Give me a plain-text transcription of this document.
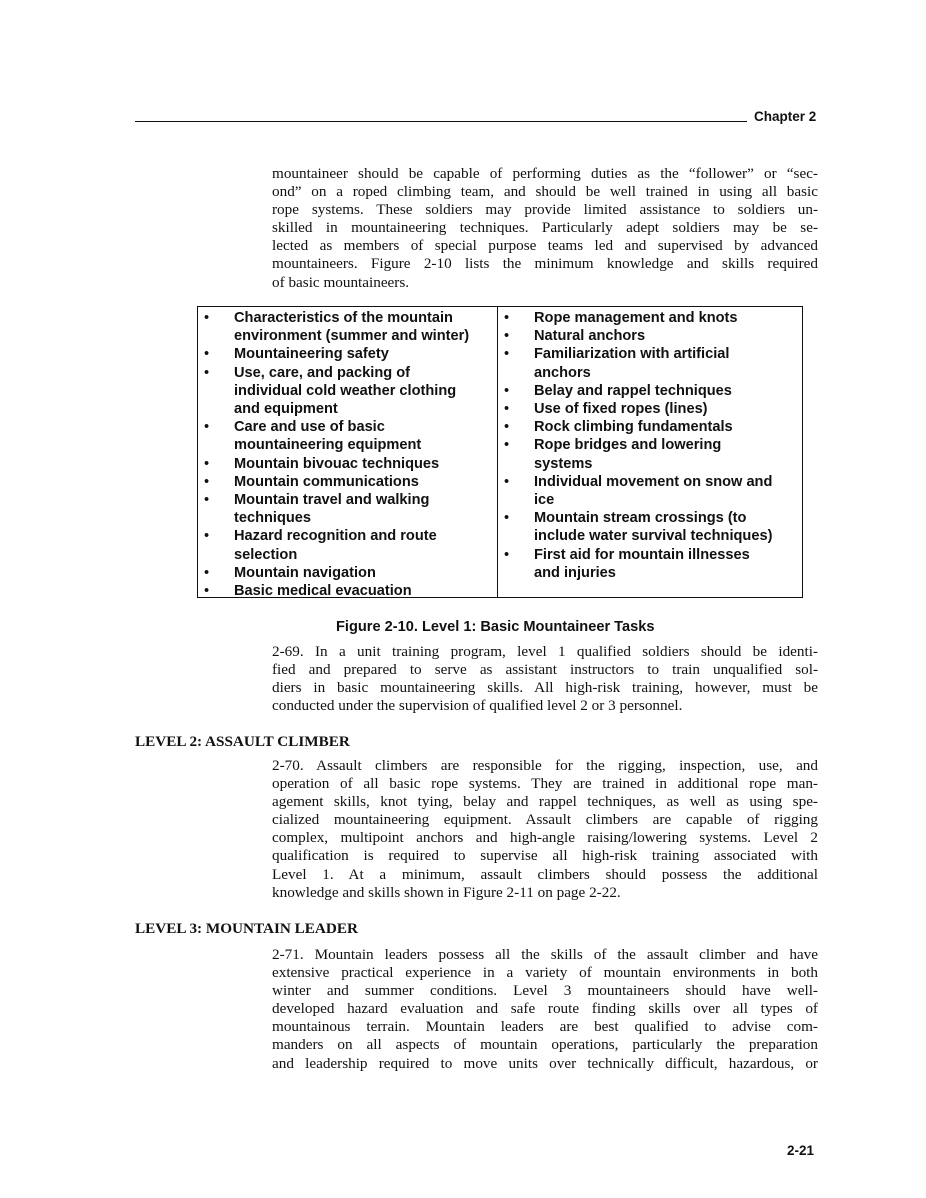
Chapter 2
mountaineer should be capable of performing duties as the “follower” or “sec-
ond” on a roped climbing team, and should be well trained in using all basic
rope systems. These soldiers may provide limited assistance to soldiers un-
skilled in mountaineering techniques. Particularly adept soldiers may be se-
lected as members of special purpose teams led and supervised by advanced
mountaineers. Figure 2-10 lists the minimum knowledge and skills required
of basic mountaineers.
• Characteristics of the mountain
environment (summer and winter)
• Mountaineering safety
• Use, care, and packing of
individual cold weather clothing
and equipment
• Care and use of basic
mountaineering equipment
• Mountain bivouac techniques
• Mountain communications
• Mountain travel and walking
techniques
• Hazard recognition and route
selection
• Mountain navigation
• Basic medical evacuation
• Rope management and knots
• Natural anchors
• Familiarization with artificial
anchors
• Belay and rappel techniques
• Use of fixed ropes (lines)
• Rock climbing fundamentals
• Rope bridges and lowering
systems
• Individual movement on snow and
ice
• Mountain stream crossings (to
include water survival techniques)
• First aid for mountain illnesses
and injuries
Figure 2-10. Level 1: Basic Mountaineer Tasks
2-69. In a unit training program, level 1 qualified soldiers should be identi-
fied and prepared to serve as assistant instructors to train unqualified sol-
diers in basic mountaineering skills. All high-risk training, however, must be
conducted under the supervision of qualified level 2 or 3 personnel.
LEVEL 2: ASSAULT CLIMBER
2-70. Assault climbers are responsible for the rigging, inspection, use, and
operation of all basic rope systems. They are trained in additional rope man-
agement skills, knot tying, belay and rappel techniques, as well as using spe-
cialized mountaineering equipment. Assault climbers are capable of rigging
complex, multipoint anchors and high-angle raising/lowering systems. Level 2
qualification is required to supervise all high-risk training associated with
Level 1. At a minimum, assault climbers should possess the additional
knowledge and skills shown in Figure 2-11 on page 2-22.
LEVEL 3: MOUNTAIN LEADER
2-71. Mountain leaders possess all the skills of the assault climber and have
extensive practical experience in a variety of mountain environments in both
winter and summer conditions. Level 3 mountaineers should have well-
developed hazard evaluation and safe route finding skills over all types of
mountainous terrain. Mountain leaders are best qualified to advise com-
manders on all aspects of mountain operations, particularly the preparation
and leadership required to move units over technically difficult, hazardous, or
2-21
